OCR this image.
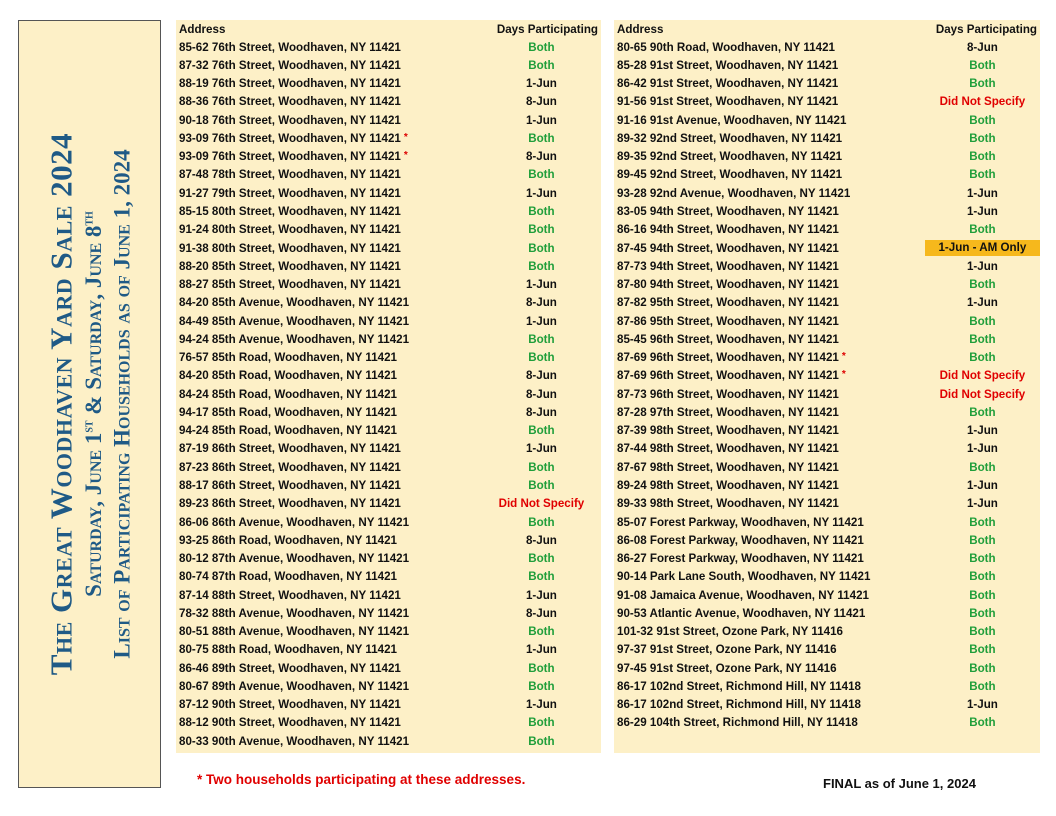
The Great Woodhaven Yard Sale 2024 Saturday, June 1st & Saturday, June 8th List of Participating Households as of June 1, 2024
Address	Days Participating
85-62 76th Street, Woodhaven, NY 11421	Both
87-32 76th Street, Woodhaven, NY 11421	Both
88-19 76th Street, Woodhaven, NY 11421	1-Jun
88-36 76th Street, Woodhaven, NY 11421	8-Jun
90-18 76th Street, Woodhaven, NY 11421	1-Jun
93-09 76th Street, Woodhaven, NY 11421 *	Both
93-09 76th Street, Woodhaven, NY 11421 *	8-Jun
87-48 78th Street, Woodhaven, NY 11421	Both
91-27 79th Street, Woodhaven, NY 11421	1-Jun
85-15 80th Street, Woodhaven, NY 11421	Both
91-24 80th Street, Woodhaven, NY 11421	Both
91-38 80th Street, Woodhaven, NY 11421	Both
88-20 85th Street, Woodhaven, NY 11421	Both
88-27 85th Street, Woodhaven, NY 11421	1-Jun
84-20 85th Avenue, Woodhaven, NY 11421	8-Jun
84-49 85th Avenue, Woodhaven, NY 11421	1-Jun
94-24 85th Avenue, Woodhaven, NY 11421	Both
76-57 85th Road, Woodhaven, NY 11421	Both
84-20 85th Road, Woodhaven, NY 11421	8-Jun
84-24 85th Road, Woodhaven, NY 11421	8-Jun
94-17 85th Road, Woodhaven, NY 11421	8-Jun
94-24 85th Road, Woodhaven, NY 11421	Both
87-19 86th Street, Woodhaven, NY 11421	1-Jun
87-23 86th Street, Woodhaven, NY 11421	Both
88-17 86th Street, Woodhaven, NY 11421	Both
89-23 86th Street, Woodhaven, NY 11421	Did Not Specify
86-06 86th Avenue, Woodhaven, NY 11421	Both
93-25 86th Road, Woodhaven, NY 11421	8-Jun
80-12 87th Avenue, Woodhaven, NY 11421	Both
80-74 87th Road, Woodhaven, NY 11421	Both
87-14 88th Street, Woodhaven, NY 11421	1-Jun
78-32 88th Avenue, Woodhaven, NY 11421	8-Jun
80-51 88th Avenue, Woodhaven, NY 11421	Both
80-75 88th Road, Woodhaven, NY 11421	1-Jun
86-46 89th Street, Woodhaven, NY 11421	Both
80-67 89th Avenue, Woodhaven, NY 11421	Both
87-12 90th Street, Woodhaven, NY 11421	1-Jun
88-12 90th Street, Woodhaven, NY 11421	Both
80-33 90th Avenue, Woodhaven, NY 11421	Both
Address	Days Participating
80-65 90th Road, Woodhaven, NY 11421	8-Jun
85-28 91st Street, Woodhaven, NY 11421	Both
86-42 91st Street, Woodhaven, NY 11421	Both
91-56 91st Street, Woodhaven, NY 11421	Did Not Specify
91-16 91st Avenue, Woodhaven, NY 11421	Both
89-32 92nd Street, Woodhaven, NY 11421	Both
89-35 92nd Street, Woodhaven, NY 11421	Both
89-45 92nd Street, Woodhaven, NY 11421	Both
93-28 92nd Avenue, Woodhaven, NY 11421	1-Jun
83-05 94th Street, Woodhaven, NY 11421	1-Jun
86-16 94th Street, Woodhaven, NY 11421	Both
87-45 94th Street, Woodhaven, NY 11421	1-Jun - AM Only
87-73 94th Street, Woodhaven, NY 11421	1-Jun
87-80 94th Street, Woodhaven, NY 11421	Both
87-82 95th Street, Woodhaven, NY 11421	1-Jun
87-86 95th Street, Woodhaven, NY 11421	Both
85-45 96th Street, Woodhaven, NY 11421	Both
87-69 96th Street, Woodhaven, NY 11421 *	Both
87-69 96th Street, Woodhaven, NY 11421 *	Did Not Specify
87-73 96th Street, Woodhaven, NY 11421	Did Not Specify
87-28 97th Street, Woodhaven, NY 11421	Both
87-39 98th Street, Woodhaven, NY 11421	1-Jun
87-44 98th Street, Woodhaven, NY 11421	1-Jun
87-67 98th Street, Woodhaven, NY 11421	Both
89-24 98th Street, Woodhaven, NY 11421	1-Jun
89-33 98th Street, Woodhaven, NY 11421	1-Jun
85-07 Forest Parkway, Woodhaven, NY 11421	Both
86-08 Forest Parkway, Woodhaven, NY 11421	Both
86-27 Forest Parkway, Woodhaven, NY 11421	Both
90-14 Park Lane South, Woodhaven, NY 11421	Both
91-08 Jamaica Avenue, Woodhaven, NY 11421	Both
90-53 Atlantic Avenue, Woodhaven, NY 11421	Both
101-32 91st Street, Ozone Park, NY 11416	Both
97-37 91st Street, Ozone Park, NY 11416	Both
97-45 91st Street, Ozone Park, NY 11416	Both
86-17 102nd Street, Richmond Hill, NY 11418	Both
86-17 102nd Street, Richmond Hill, NY 11418	1-Jun
86-29 104th Street, Richmond Hill, NY 11418	Both
* Two households participating at these addresses.	FINAL as of June 1, 2024
